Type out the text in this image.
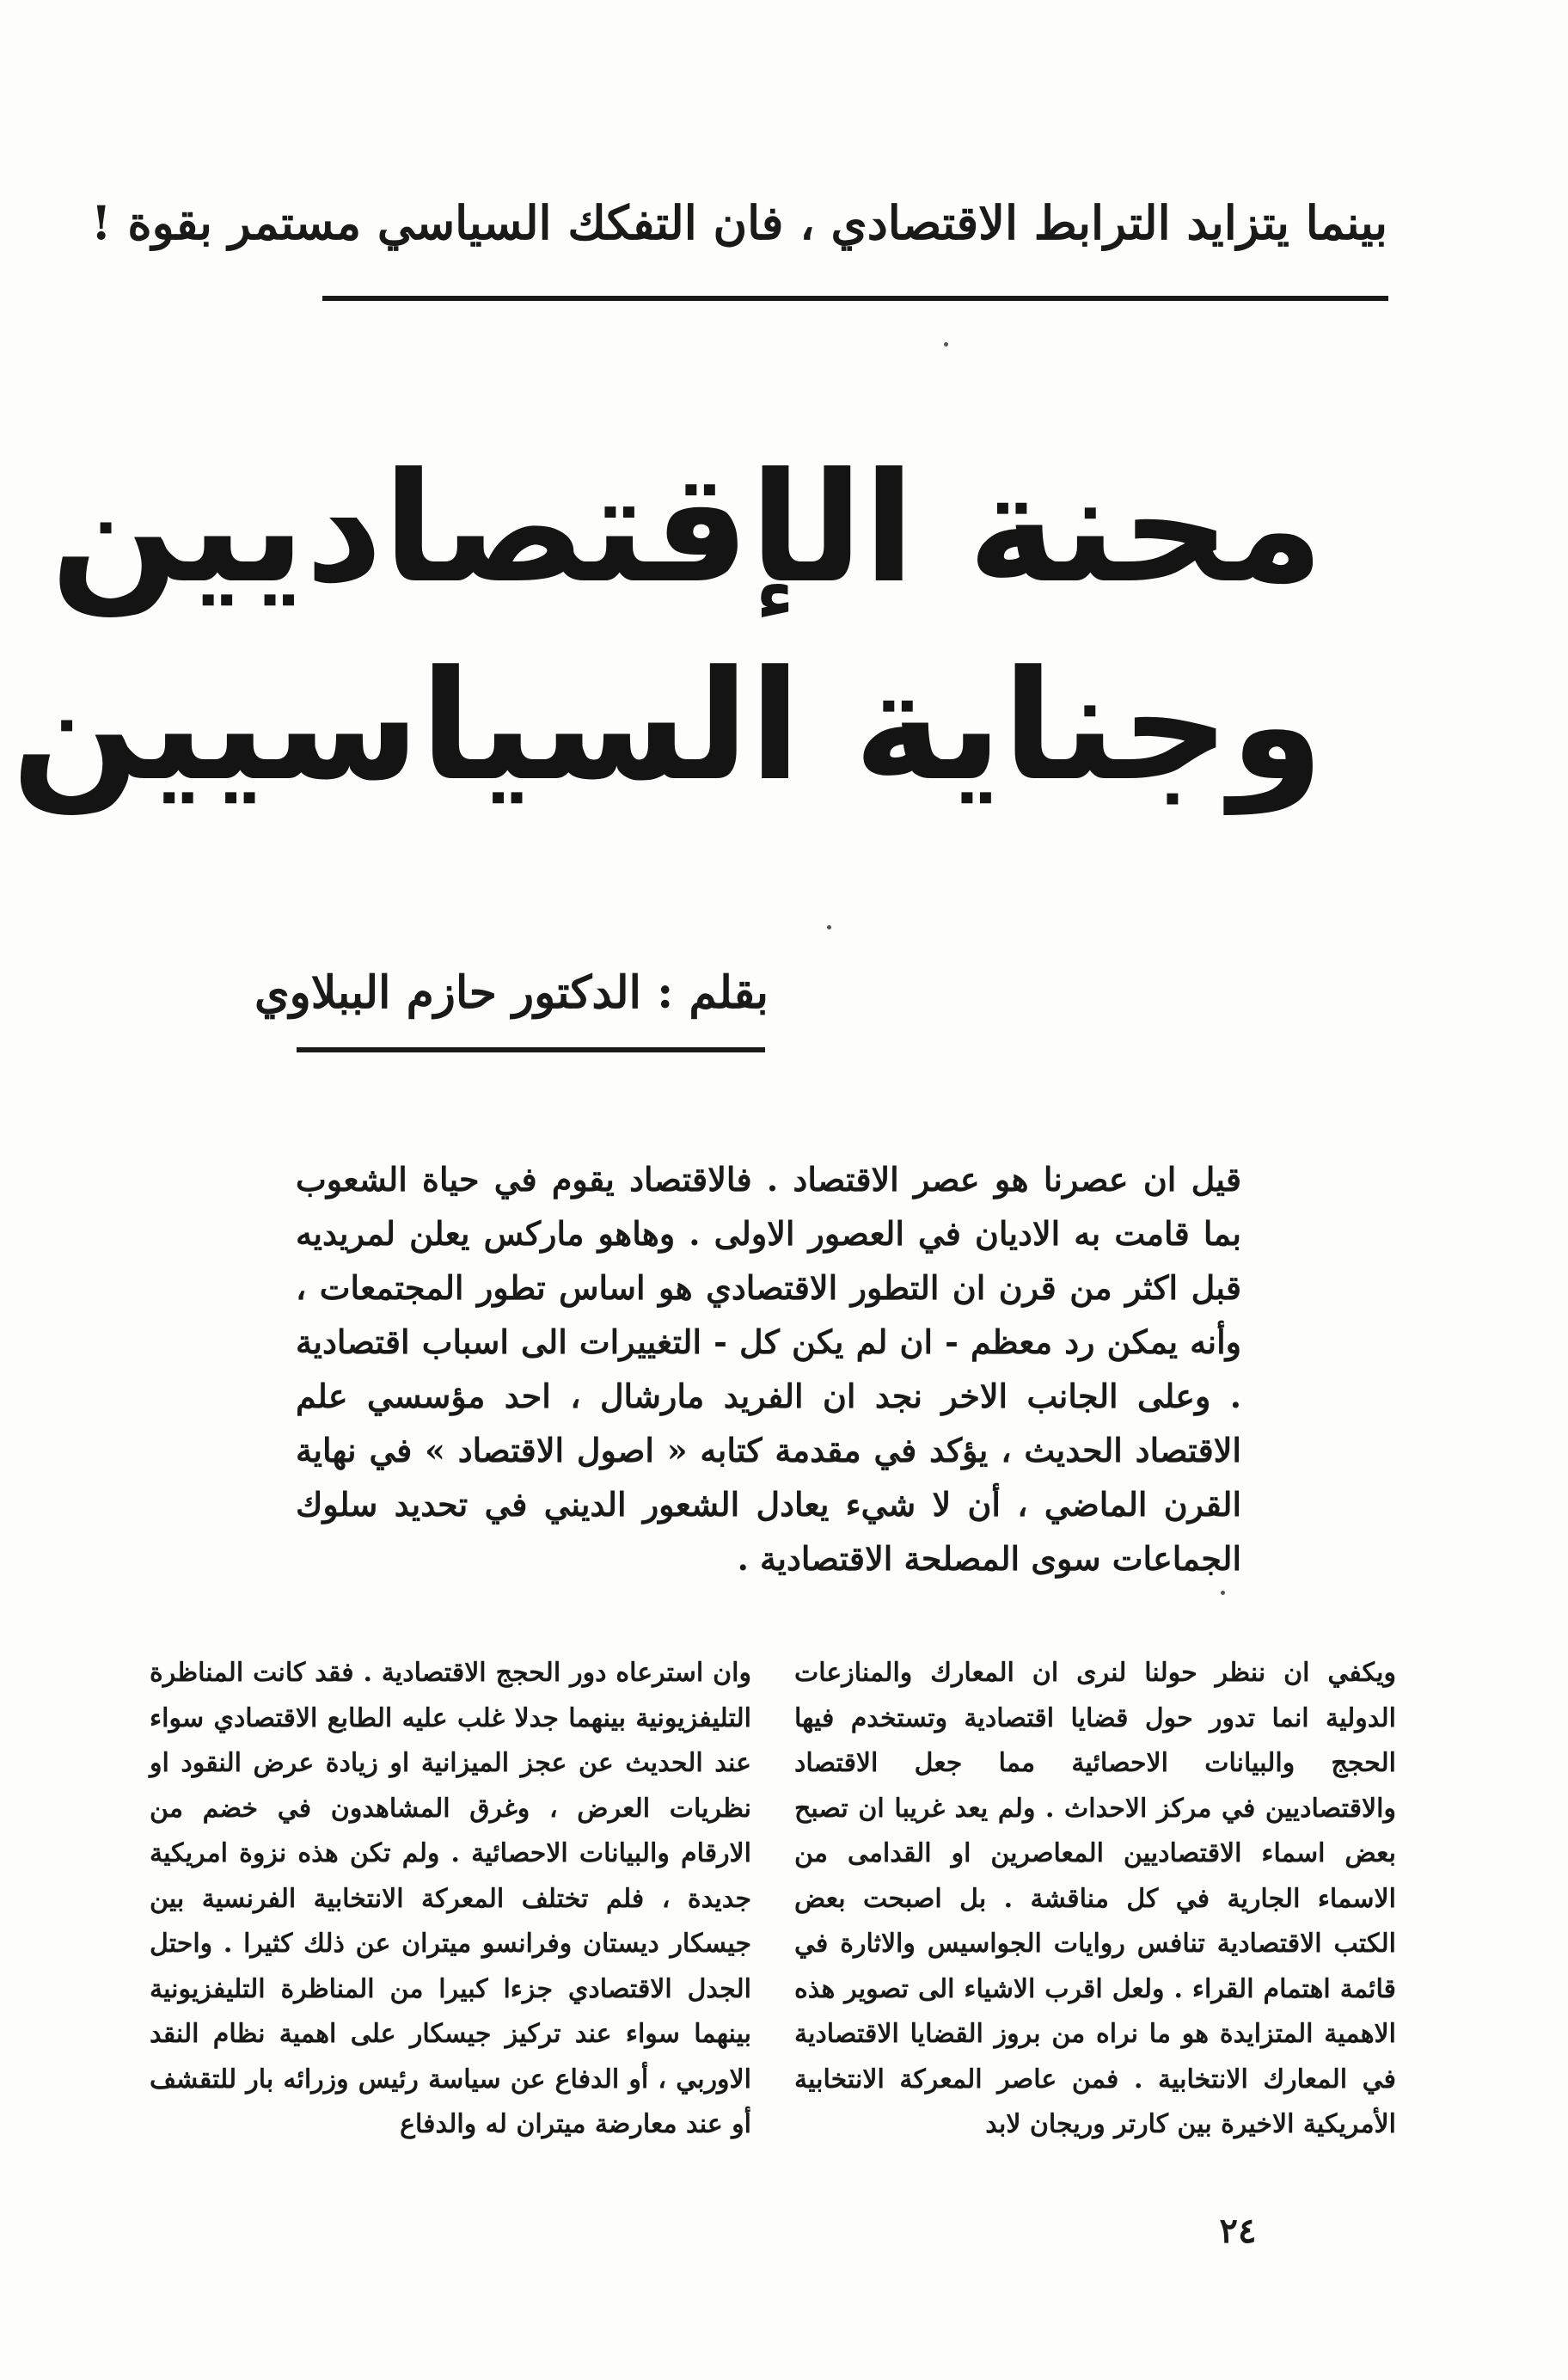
بينما يتزايد الترابط الاقتصادي ، فان التفكك السياسي مستمر بقوة !
محنة الإقتصاديين
وجناية السياسيين
بقلم : الدكتور حازم الببلاوي
قيل ان عصرنا هو عصر الاقتصاد . فالاقتصاد يقوم في حياة الشعوب بما قامت به الاديان في العصور الاولى . وهاهو ماركس يعلن لمريديه قبل اكثر من قرن ان التطور الاقتصادي هو اساس تطور المجتمعات ، وأنه يمكن رد معظم - ان لم يكن كل - التغييرات الى اسباب اقتصادية . وعلى الجانب الاخر نجد ان الفريد مارشال ، احد مؤسسي علم الاقتصاد الحديث ، يؤكد في مقدمة كتابه « اصول الاقتصاد » في نهاية القرن الماضي ، أن لا شيء يعادل الشعور الديني في تحديد سلوك الجماعات سوى المصلحة الاقتصادية .
ويكفي ان ننظر حولنا لنرى ان المعارك والمنازعات الدولية انما تدور حول قضايا اقتصادية وتستخدم فيها الحجج والبيانات الاحصائية مما جعل الاقتصاد والاقتصاديين في مركز الاحداث . ولم يعد غريبا ان تصبح بعض اسماء الاقتصاديين المعاصرين او القدامى من الاسماء الجارية في كل مناقشة . بل اصبحت بعض الكتب الاقتصادية تنافس روايات الجواسيس والاثارة في قائمة اهتمام القراء . ولعل اقرب الاشياء الى تصوير هذه الاهمية المتزايدة هو ما نراه من بروز القضايا الاقتصادية في المعارك الانتخابية . فمن عاصر المعركة الانتخابية الأمريكية الاخيرة بين كارتر وريجان لابد
وان استرعاه دور الحجج الاقتصادية . فقد كانت المناظرة التليفزيونية بينهما جدلا غلب عليه الطابع الاقتصادي سواء عند الحديث عن عجز الميزانية او زيادة عرض النقود او نظريات العرض ، وغرق المشاهدون في خضم من الارقام والبيانات الاحصائية . ولم تكن هذه نزوة امريكية جديدة ، فلم تختلف المعركة الانتخابية الفرنسية بين جيسكار ديستان وفرانسو ميتران عن ذلك كثيرا . واحتل الجدل الاقتصادي جزءا كبيرا من المناظرة التليفزيونية بينهما سواء عند تركيز جيسكار على اهمية نظام النقد الاوربي ، أو الدفاع عن سياسة رئيس وزرائه بار للتقشف أو عند معارضة ميتران له والدفاع
٢٤
